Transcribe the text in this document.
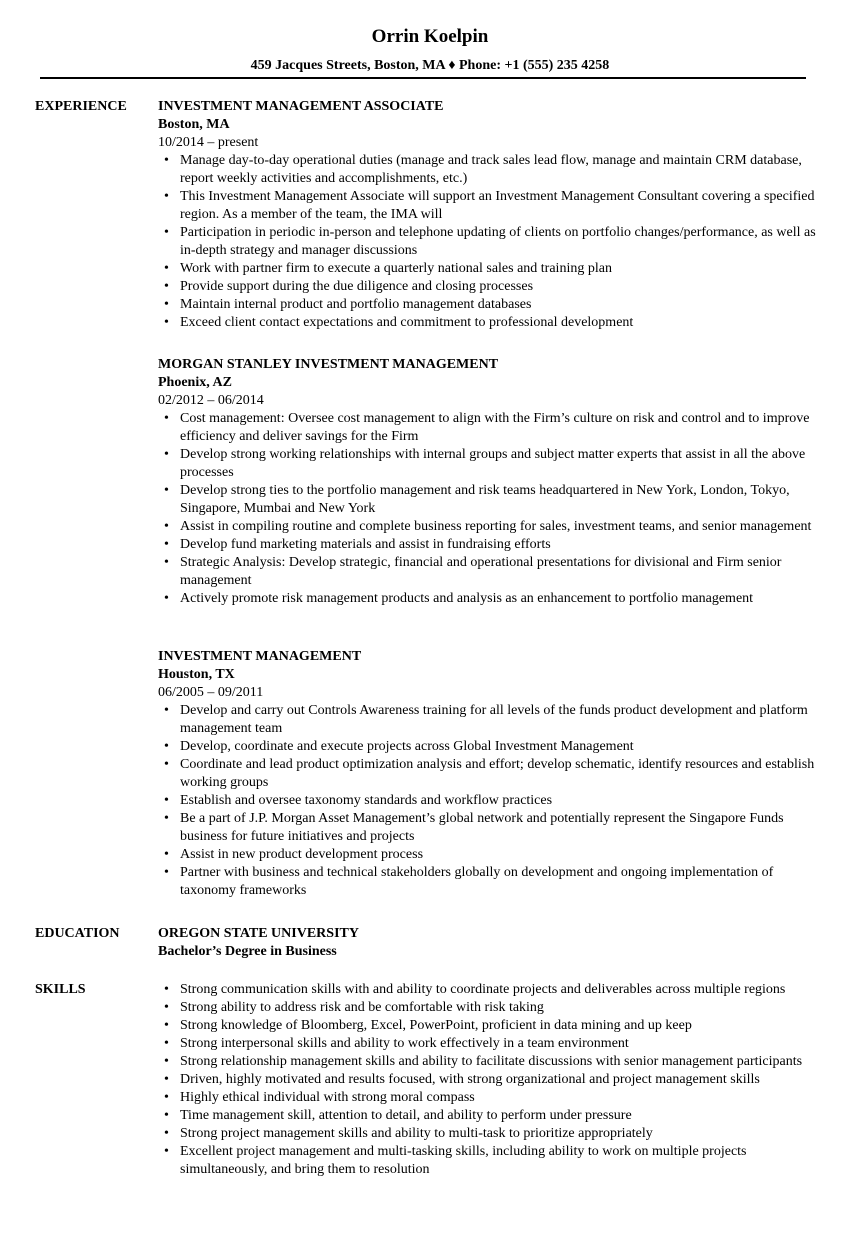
Orrin Koelpin
459 Jacques Streets, Boston, MA ♦ Phone: +1 (555) 235 4258
EXPERIENCE INVESTMENT MANAGEMENT ASSOCIATE
Boston, MA
10/2014 – present
• Manage day-to-day operational duties (manage and track sales lead flow, manage and maintain CRM database, report weekly activities and accomplishments, etc.)
• This Investment Management Associate will support an Investment Management Consultant covering a specified region. As a member of the team, the IMA will
• Participation in periodic in-person and telephone updating of clients on portfolio changes/performance, as well as in-depth strategy and manager discussions
• Work with partner firm to execute a quarterly national sales and training plan
• Provide support during the due diligence and closing processes
• Maintain internal product and portfolio management databases
• Exceed client contact expectations and commitment to professional development
MORGAN STANLEY INVESTMENT MANAGEMENT
Phoenix, AZ
02/2012 – 06/2014
• Cost management: Oversee cost management to align with the Firm’s culture on risk and control and to improve efficiency and deliver savings for the Firm
• Develop strong working relationships with internal groups and subject matter experts that assist in all the above processes
• Develop strong ties to the portfolio management and risk teams headquartered in New York, London, Tokyo, Singapore, Mumbai and New York
• Assist in compiling routine and complete business reporting for sales, investment teams, and senior management
• Develop fund marketing materials and assist in fundraising efforts
• Strategic Analysis: Develop strategic, financial and operational presentations for divisional and Firm senior management
• Actively promote risk management products and analysis as an enhancement to portfolio management
INVESTMENT MANAGEMENT
Houston, TX
06/2005 – 09/2011
• Develop and carry out Controls Awareness training for all levels of the funds product development and platform management team
• Develop, coordinate and execute projects across Global Investment Management
• Coordinate and lead product optimization analysis and effort; develop schematic, identify resources and establish working groups
• Establish and oversee taxonomy standards and workflow practices
• Be a part of J.P. Morgan Asset Management’s global network and potentially represent the Singapore Funds business for future initiatives and projects
• Assist in new product development process
• Partner with business and technical stakeholders globally on development and ongoing implementation of taxonomy frameworks
EDUCATION	OREGON STATE UNIVERSITY
Bachelor’s Degree in Business
SKILLS	• Strong communication skills with and ability to coordinate projects and deliverables across multiple regions
• Strong ability to address risk and be comfortable with risk taking
• Strong knowledge of Bloomberg, Excel, PowerPoint, proficient in data mining and up keep
• Strong interpersonal skills and ability to work effectively in a team environment
• Strong relationship management skills and ability to facilitate discussions with senior management participants
• Driven, highly motivated and results focused, with strong organizational and project management skills
• Highly ethical individual with strong moral compass
• Time management skill, attention to detail, and ability to perform under pressure
• Strong project management skills and ability to multi-task to prioritize appropriately
• Excellent project management and multi-tasking skills, including ability to work on multiple projects simultaneously, and bring them to resolution
